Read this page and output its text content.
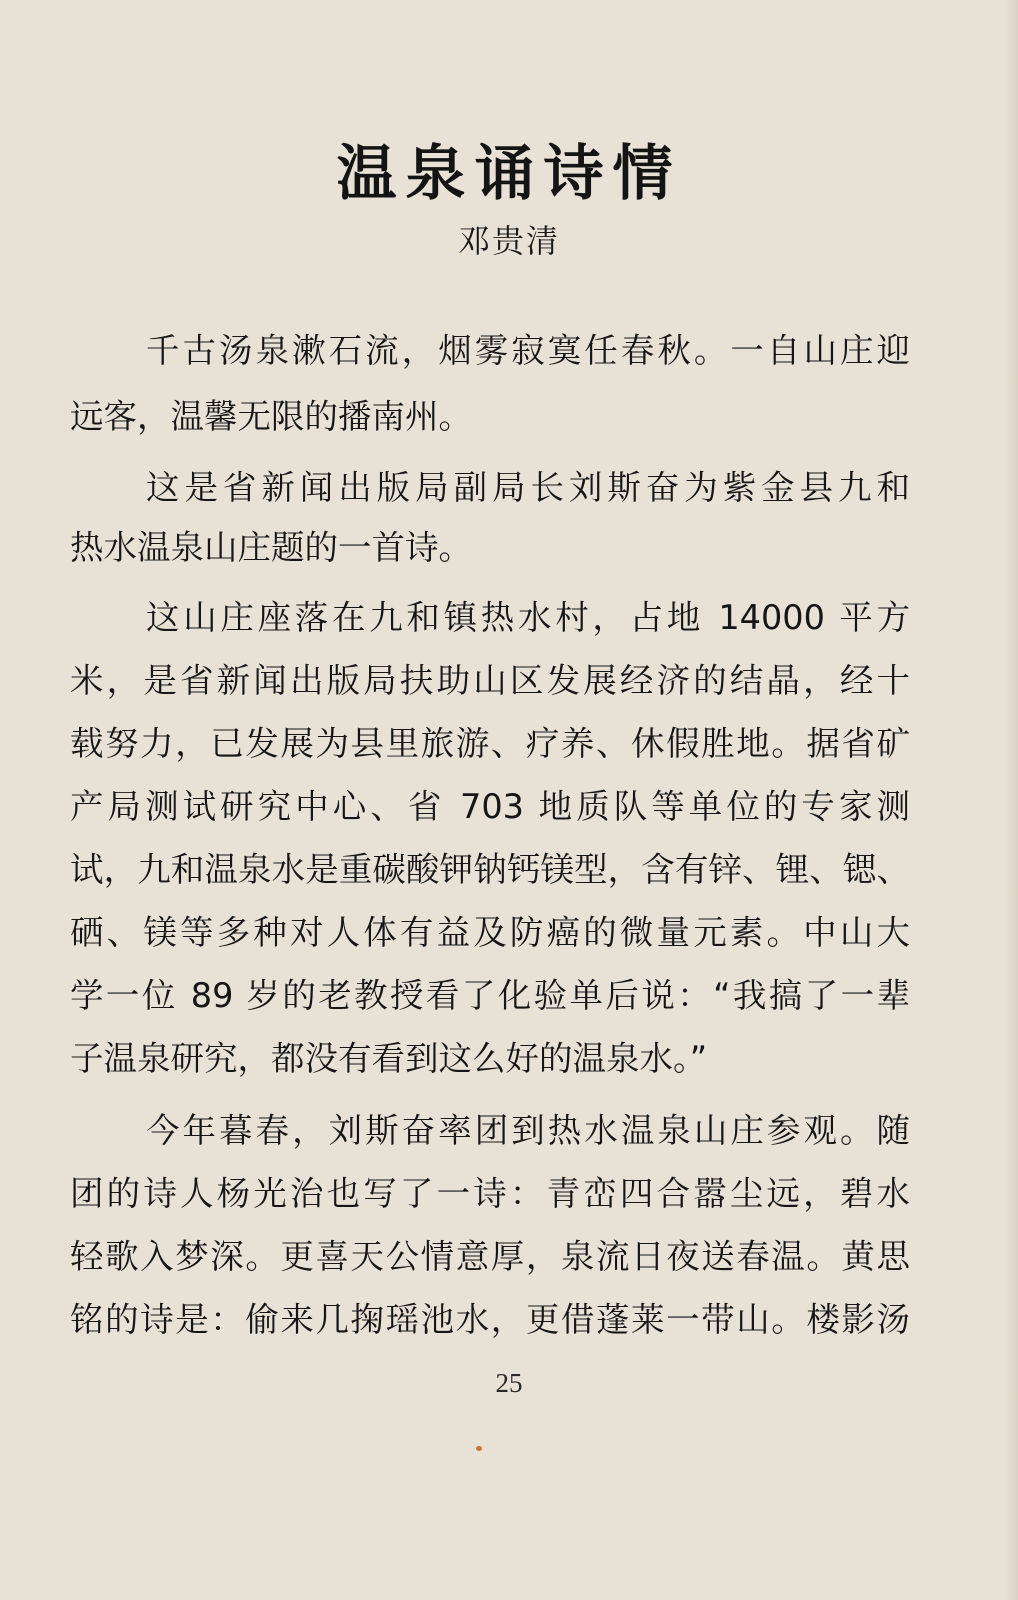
温泉诵诗情
邓贵清
千古汤泉漱石流，烟雾寂寞任春秋。一自山庄迎
远客，温馨无限的播南州。
这是省新闻出版局副局长刘斯奋为紫金县九和
热水温泉山庄题的一首诗。
这山庄座落在九和镇热水村，占地 14000 平方
米，是省新闻出版局扶助山区发展经济的结晶，经十
载努力，已发展为县里旅游、疗养、休假胜地。据省矿
产局测试研究中心、省 703 地质队等单位的专家测
试，九和温泉水是重碳酸钾钠钙镁型，含有锌、锂、锶、
硒、镁等多种对人体有益及防癌的微量元素。中山大
学一位 89 岁的老教授看了化验单后说：“我搞了一辈
子温泉研究，都没有看到这么好的温泉水。”
今年暮春，刘斯奋率团到热水温泉山庄参观。随
团的诗人杨光治也写了一诗：青峦四合嚣尘远，碧水
轻歌入梦深。更喜天公情意厚，泉流日夜送春温。黄思
铭的诗是：偷来几掬瑶池水，更借蓬莱一带山。楼影汤
25
